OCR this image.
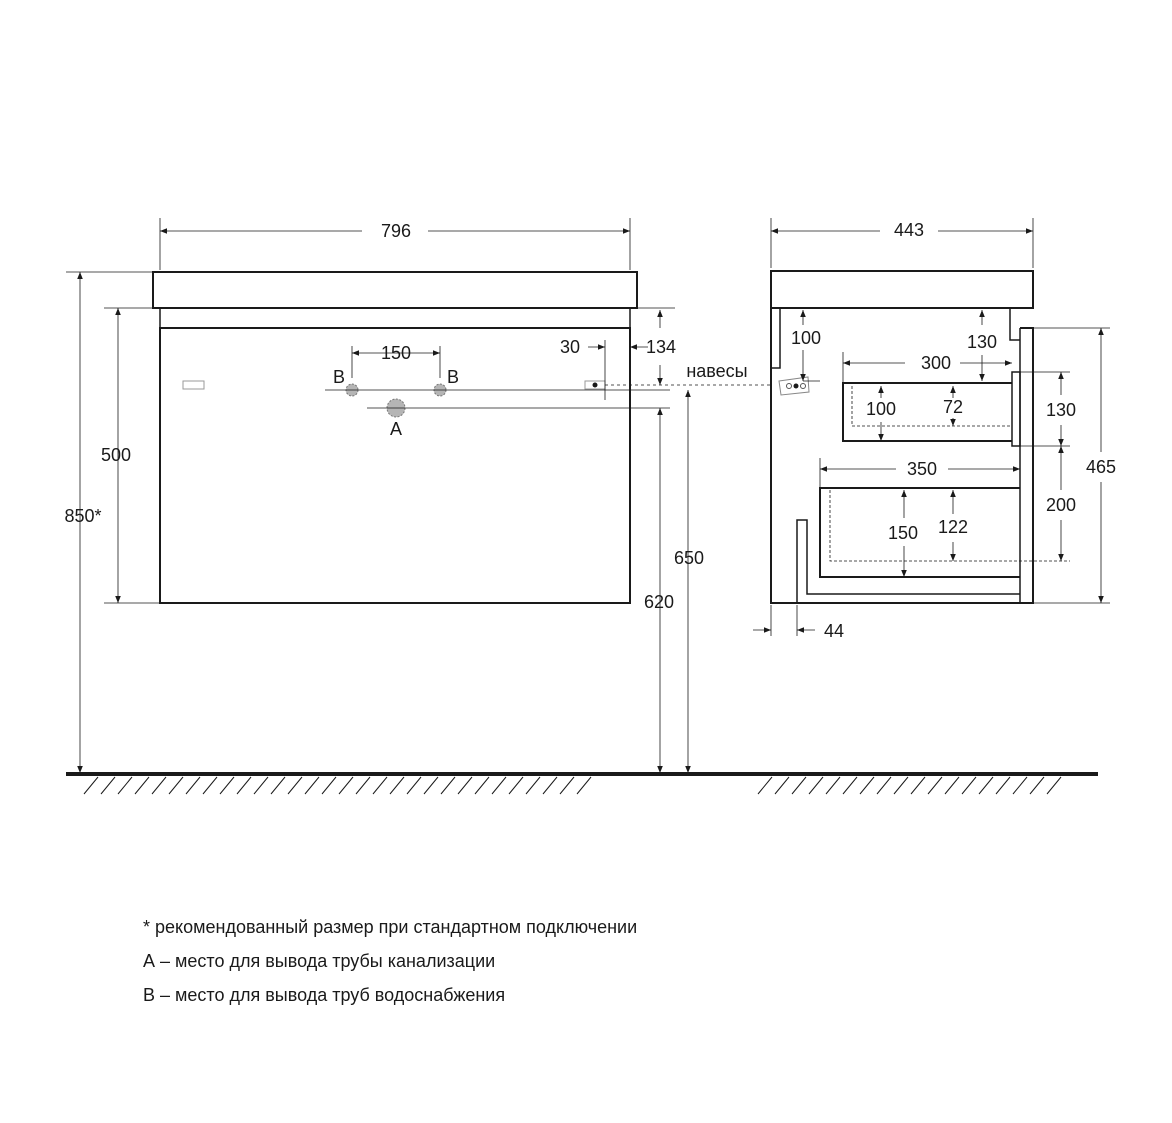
796
850*
500
150
B	B
A
30	134
навесы
650
620
443
100	130
300
100	72	130
465
350
200
150 122
44
* рекомендованный размер при стандартном подключении
А – место для вывода трубы канализации
В – место для вывода труб водоснабжения
